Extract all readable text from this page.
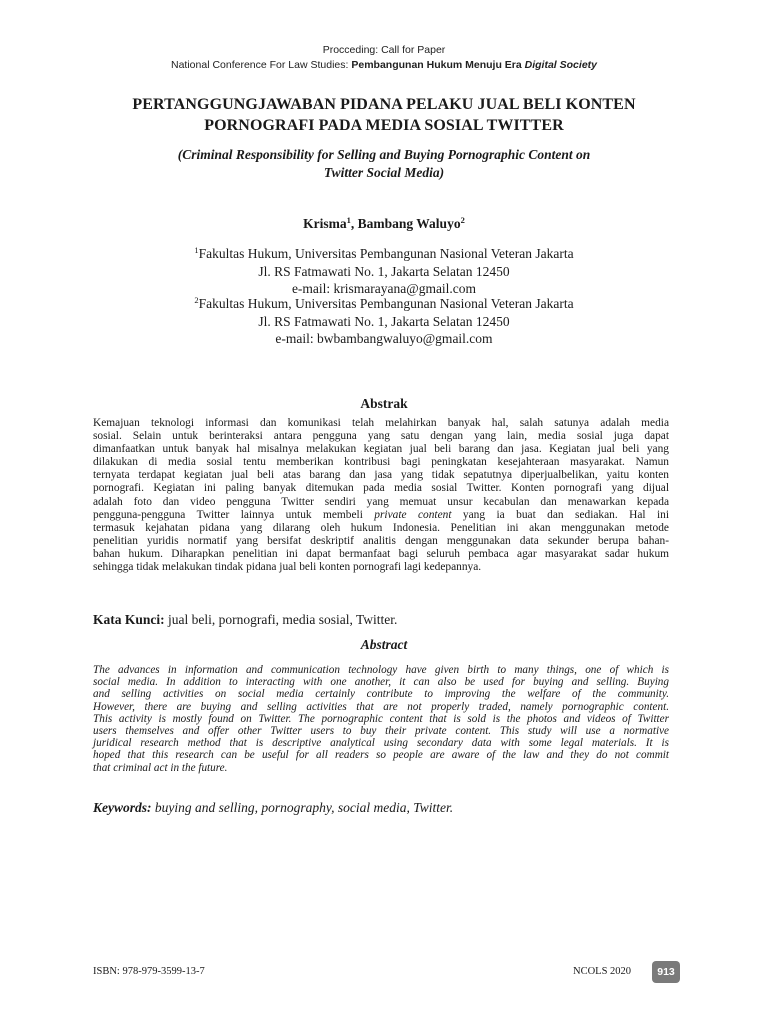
Procceding: Call for Paper
National Conference For Law Studies: Pembangunan Hukum Menuju Era Digital Society
PERTANGGUNGJAWABAN PIDANA PELAKU JUAL BELI KONTEN
PORNOGRAFI PADA MEDIA SOSIAL TWITTER
(Criminal Responsibility for Selling and Buying Pornographic Content on
Twitter Social Media)
Krisma$^1$, Bambang Waluyo$^2$
$^1$Fakultas Hukum, Universitas Pembangunan Nasional Veteran Jakarta
Jl. RS Fatmawati No. 1, Jakarta Selatan 12450
e-mail: krismarayana@gmail.com
$^2$Fakultas Hukum, Universitas Pembangunan Nasional Veteran Jakarta
Jl. RS Fatmawati No. 1, Jakarta Selatan 12450
e-mail: bwbambangwaluyo@gmail.com
Abstrak
Kemajuan teknologi informasi dan komunikasi telah melahirkan banyak hal, salah satunya adalah media
sosial. Selain untuk berinteraksi antara pengguna yang satu dengan yang lain, media sosial juga dapat
dimanfaatkan untuk banyak hal misalnya melakukan kegiatan jual beli barang dan jasa. Kegiatan jual beli yang
dilakukan di media sosial tentu memberikan kontribusi bagi peningkatan kesejahteraan masyarakat. Namun
ternyata terdapat kegiatan jual beli atas barang dan jasa yang tidak sepatutnya diperjualbelikan, yaitu konten
pornografi. Kegiatan ini paling banyak ditemukan pada media sosial Twitter. Konten pornografi yang dijual
adalah foto dan video pengguna Twitter sendiri yang memuat unsur kecabulan dan menawarkan kepada
pengguna-pengguna Twitter lainnya untuk membeli private content yang ia buat dan sediakan. Hal ini
termasuk kejahatan pidana yang dilarang oleh hukum Indonesia. Penelitian ini akan menggunakan metode
penelitian yuridis normatif yang bersifat deskriptif analitis dengan menggunakan data sekunder berupa bahan-
bahan hukum. Diharapkan penelitian ini dapat bermanfaat bagi seluruh pembaca agar masyarakat sadar hukum
sehingga tidak melakukan tindak pidana jual beli konten pornografi lagi kedepannya.
Kata Kunci: jual beli, pornografi, media sosial, Twitter.
Abstract
The advances in information and communication technology have given birth to many things, one of which is
social media. In addition to interacting with one another, it can also be used for buying and selling. Buying
and selling activities on social media certainly contribute to improving the welfare of the community.
However, there are buying and selling activities that are not properly traded, namely pornographic content.
This activity is mostly found on Twitter. The pornographic content that is sold is the photos and videos of Twitter
users themselves and offer other Twitter users to buy their private content. This study will use a normative
juridical research method that is descriptive analytical using secondary data with some legal materials. It is
hoped that this research can be useful for all readers so people are aware of the law and they do not commit
that criminal act in the future.
Keywords: buying and selling, pornography, social media, Twitter.
ISBN: 978-979-3599-13-7	NCOLS 2020	913
